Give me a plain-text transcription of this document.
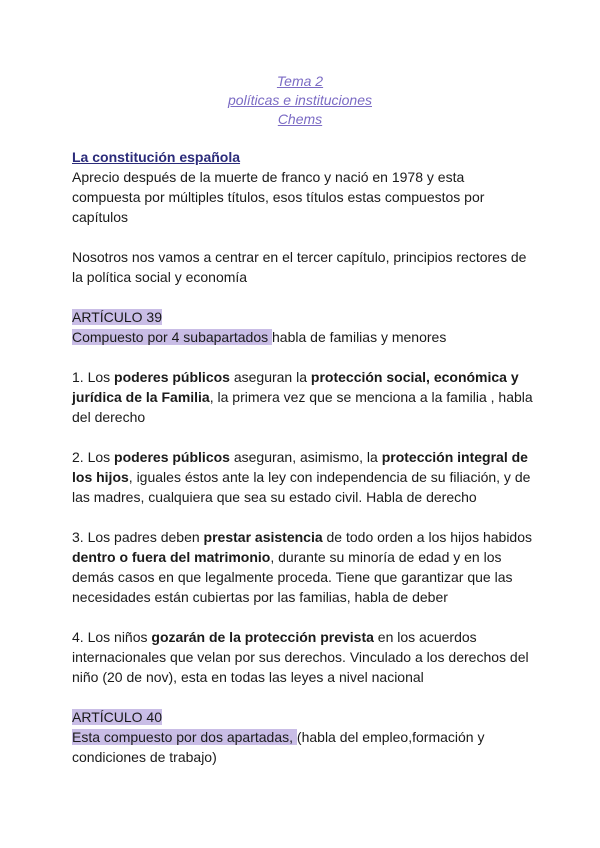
Tema 2
políticas e instituciones
Chems

La constitución española

Aprecio después de la muerte de franco y nació en 1978 y esta compuesta por múltiples títulos, esos títulos estas compuestos por capítulos

Nosotros nos vamos a centrar en el tercer capítulo, principios rectores de la política social y economía

ARTÍCULO 39

Compuesto por 4 subapartados habla de familias y menores

1. Los poderes públicos aseguran la protección social, económica y jurídica de la Familia, la primera vez que se menciona a la familia , habla del derecho

2. Los poderes públicos aseguran, asimismo, la protección integral de los hijos, iguales éstos ante la ley con independencia de su filiación, y de las madres, cualquiera que sea su estado civil. Habla de derecho

3. Los padres deben prestar asistencia de todo orden a los hijos habidos dentro o fuera del matrimonio, durante su minoría de edad y en los demás casos en que legalmente proceda. Tiene que garantizar que las necesidades están cubiertas por las familias, habla de deber

4. Los niños gozarán de la protección prevista en los acuerdos internacionales que velan por sus derechos. Vinculado a los derechos del niño (20 de nov), esta en todas las leyes a nivel nacional

ARTÍCULO 40

Esta compuesto por dos apartadas, (habla del empleo,formación y condiciones de trabajo)
